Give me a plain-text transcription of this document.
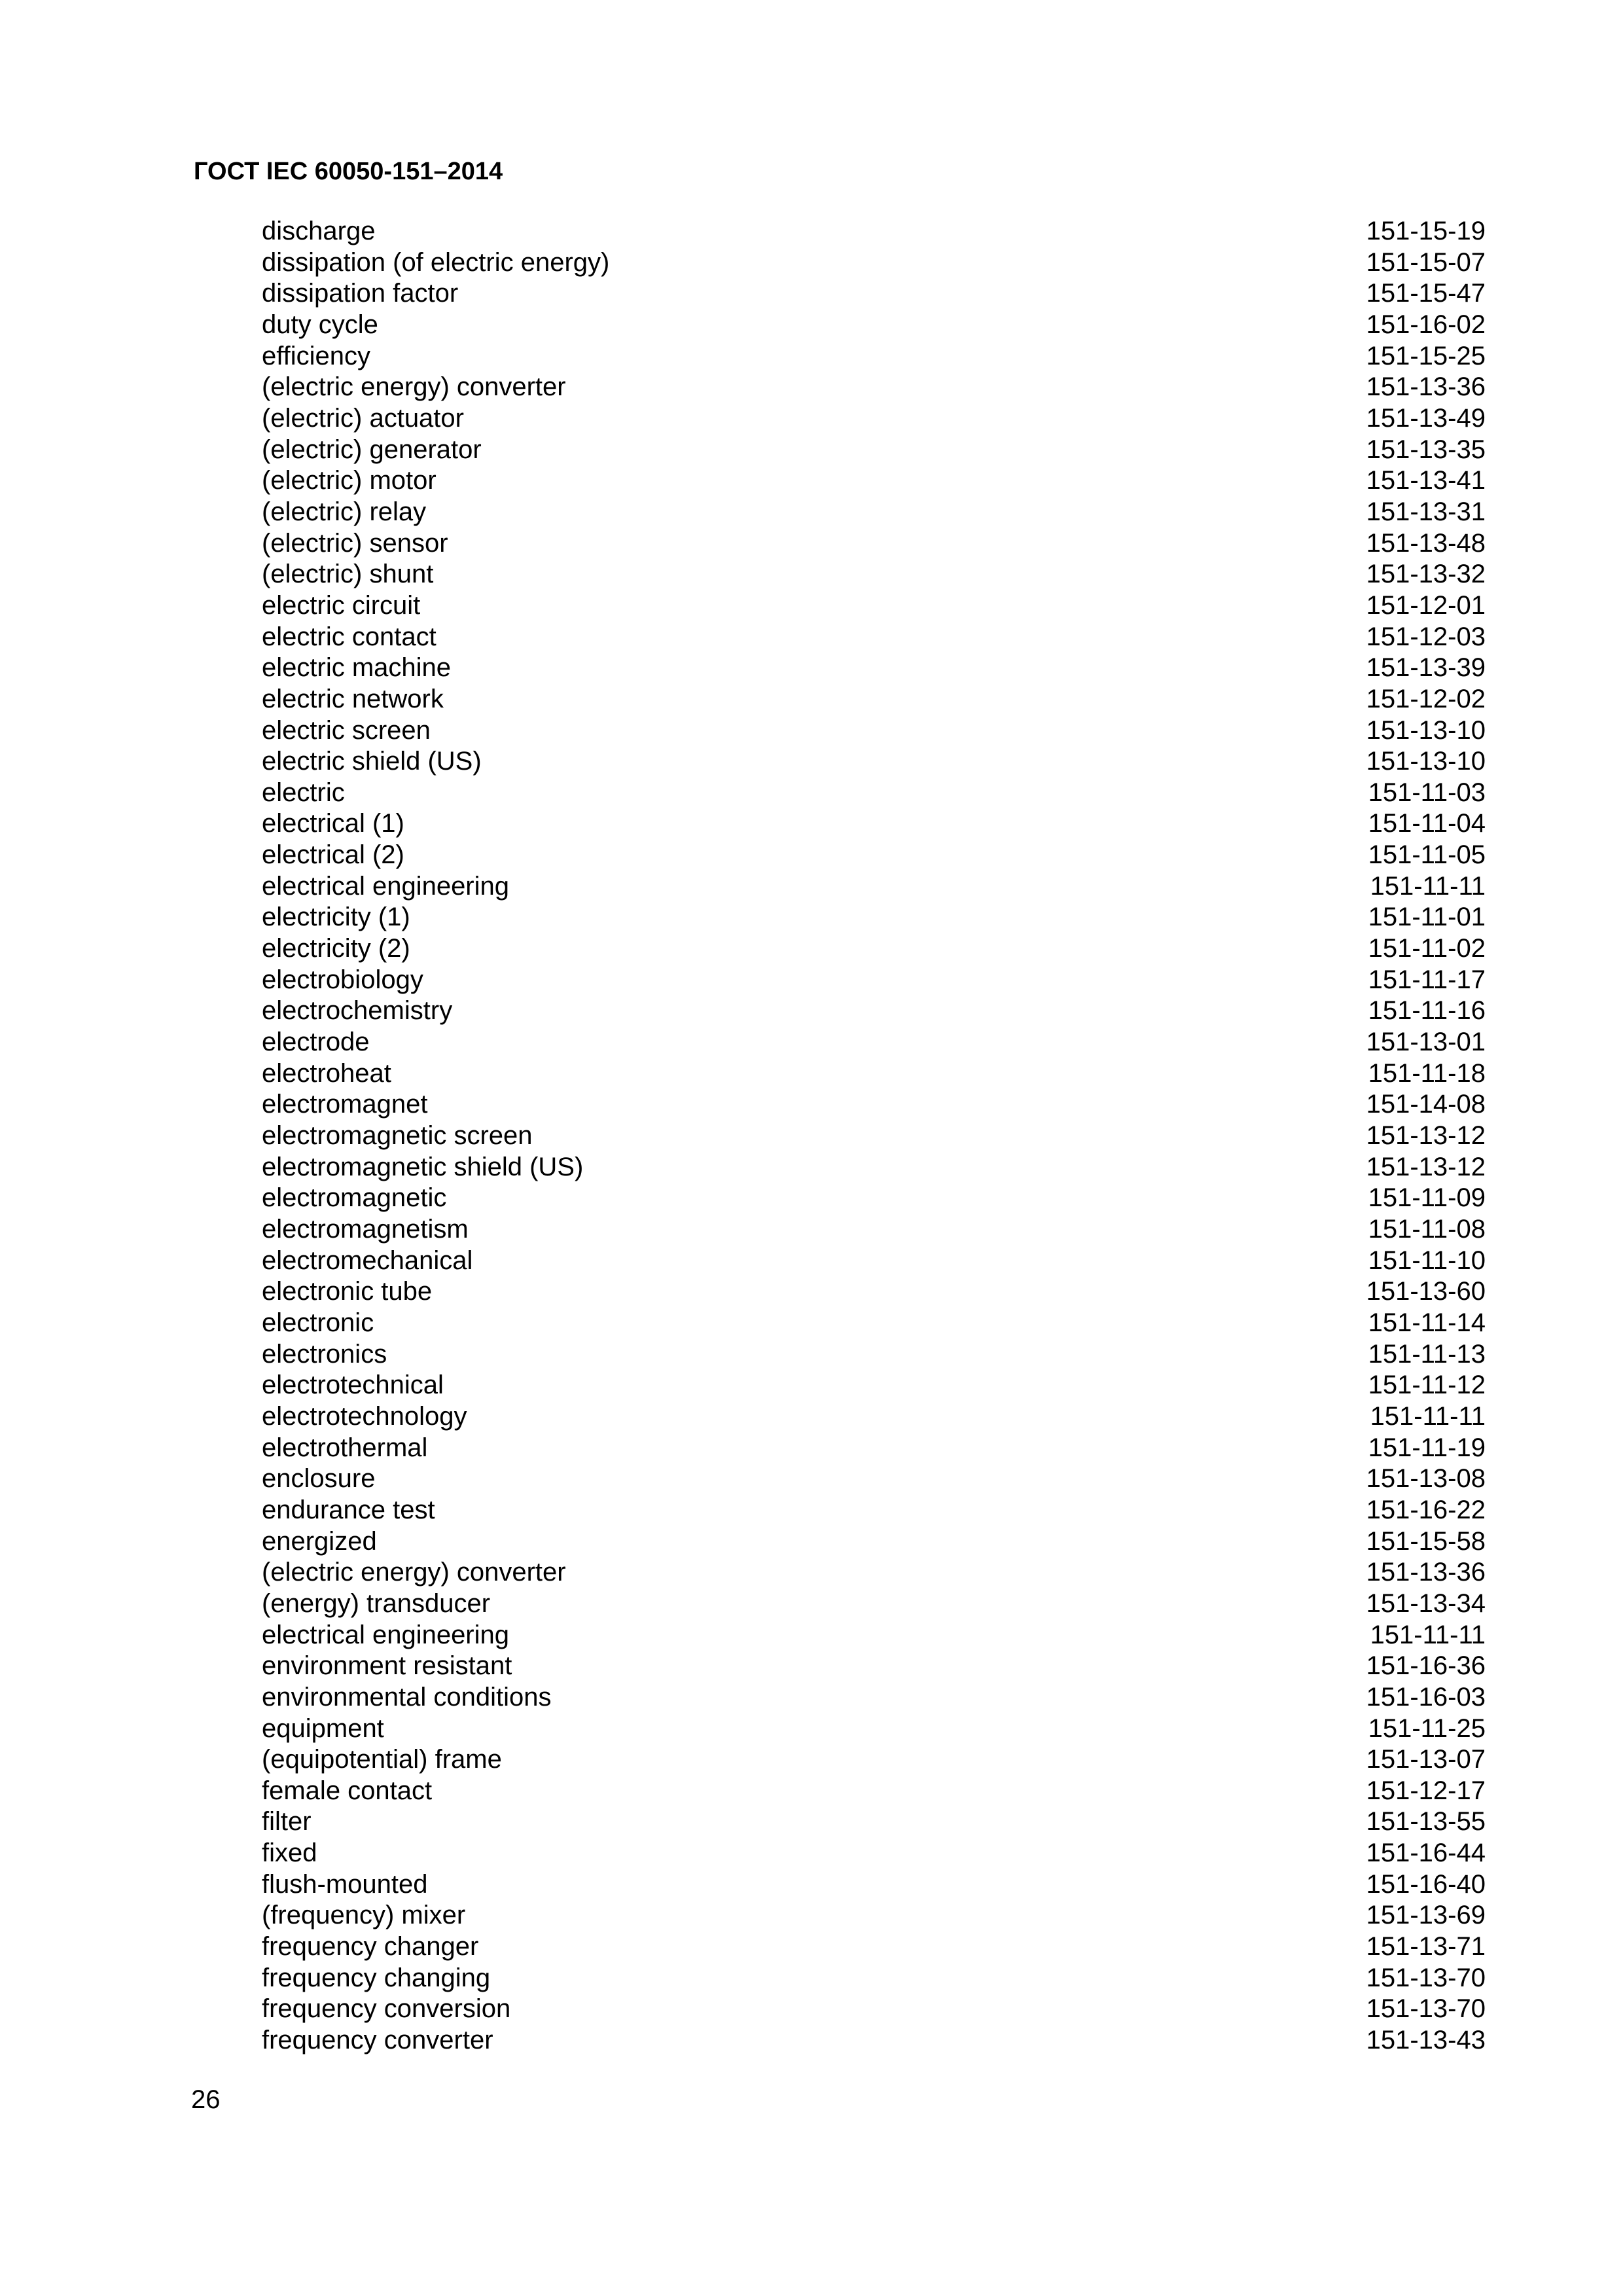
ГОСТ IEC 60050-151–2014
discharge	151-15-19
dissipation (of electric energy)	151-15-07
dissipation factor	151-15-47
duty cycle	151-16-02
efficiency	151-15-25
(electric energy) converter	151-13-36
(electric) actuator	151-13-49
(electric) generator	151-13-35
(electric) motor	151-13-41
(electric) relay	151-13-31
(electric) sensor	151-13-48
(electric) shunt	151-13-32
electric circuit	151-12-01
electric contact	151-12-03
electric machine	151-13-39
electric network	151-12-02
electric screen	151-13-10
electric shield (US)	151-13-10
electric	151-11-03
electrical (1)	151-11-04
electrical (2)	151-11-05
electrical engineering	151-11-11
electricity (1)	151-11-01
electricity (2)	151-11-02
electrobiology	151-11-17
electrochemistry	151-11-16
electrode	151-13-01
electroheat	151-11-18
electromagnet	151-14-08
electromagnetic screen	151-13-12
electromagnetic shield (US)	151-13-12
electromagnetic	151-11-09
electromagnetism	151-11-08
electromechanical	151-11-10
electronic tube	151-13-60
electronic	151-11-14
electronics	151-11-13
electrotechnical	151-11-12
electrotechnology	151-11-11
electrothermal	151-11-19
enclosure	151-13-08
endurance test	151-16-22
energized	151-15-58
(electric energy) converter	151-13-36
(energy) transducer	151-13-34
electrical engineering	151-11-11
environment resistant	151-16-36
environmental conditions	151-16-03
equipment	151-11-25
(equipotential) frame	151-13-07
female contact	151-12-17
filter	151-13-55
fixed	151-16-44
flush-mounted	151-16-40
(frequency) mixer	151-13-69
frequency changer	151-13-71
frequency changing	151-13-70
frequency conversion	151-13-70
frequency converter	151-13-43
26
